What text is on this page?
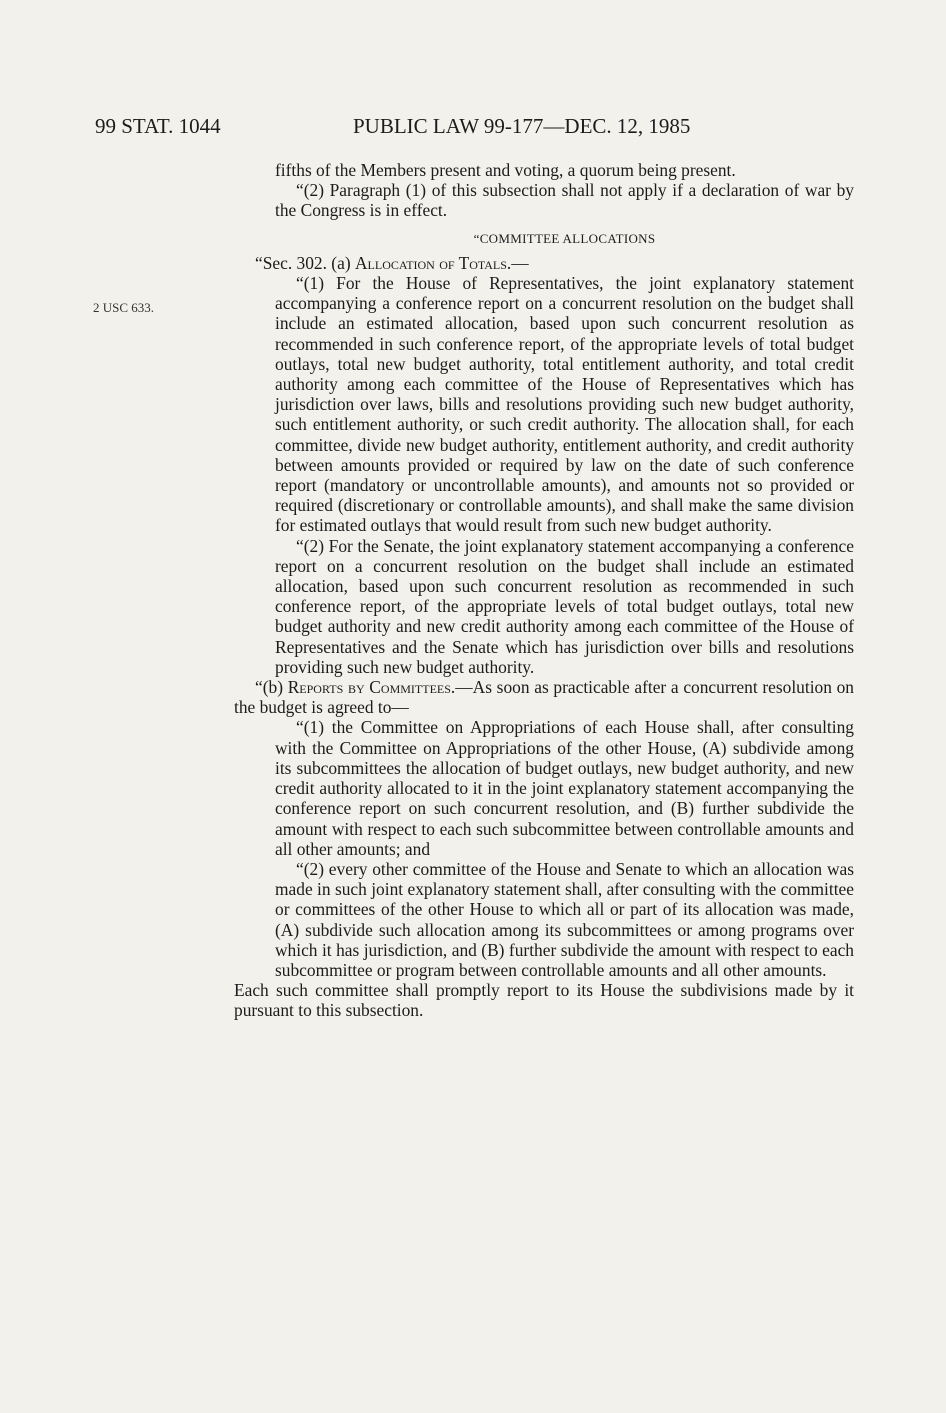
99 STAT. 1044	PUBLIC LAW 99-177—DEC. 12, 1985
2 USC 633.

fifths of the Members present and voting, a quorum being present.

“(2) Paragraph (1) of this subsection shall not apply if a declaration of war by the Congress is in effect.

“COMMITTEE ALLOCATIONS

“Sec. 302. (a) Allocation of Totals.—

“(1) For the House of Representatives, the joint explanatory statement accompanying a conference report on a concurrent resolution on the budget shall include an estimated allocation, based upon such concurrent resolution as recommended in such conference report, of the appropriate levels of total budget outlays, total new budget authority, total entitlement authority, and total credit authority among each committee of the House of Representatives which has jurisdiction over laws, bills and resolutions providing such new budget authority, such entitlement authority, or such credit authority. The allocation shall, for each committee, divide new budget authority, entitlement authority, and credit authority between amounts provided or required by law on the date of such conference report (mandatory or uncontrollable amounts), and amounts not so provided or required (discretionary or controllable amounts), and shall make the same division for estimated outlays that would result from such new budget authority.

“(2) For the Senate, the joint explanatory statement accompanying a conference report on a concurrent resolution on the budget shall include an estimated allocation, based upon such concurrent resolution as recommended in such conference report, of the appropriate levels of total budget outlays, total new budget authority and new credit authority among each committee of the House of Representatives and the Senate which has jurisdiction over bills and resolutions providing such new budget authority.

“(b) Reports by Committees.—As soon as practicable after a concurrent resolution on the budget is agreed to—

“(1) the Committee on Appropriations of each House shall, after consulting with the Committee on Appropriations of the other House, (A) subdivide among its subcommittees the allocation of budget outlays, new budget authority, and new credit authority allocated to it in the joint explanatory statement accompanying the conference report on such concurrent resolution, and (B) further subdivide the amount with respect to each such subcommittee between controllable amounts and all other amounts; and

“(2) every other committee of the House and Senate to which an allocation was made in such joint explanatory statement shall, after consulting with the committee or committees of the other House to which all or part of its allocation was made, (A) subdivide such allocation among its subcommittees or among programs over which it has jurisdiction, and (B) further subdivide the amount with respect to each subcommittee or program between controllable amounts and all other amounts.

Each such committee shall promptly report to its House the subdivisions made by it pursuant to this subsection.
